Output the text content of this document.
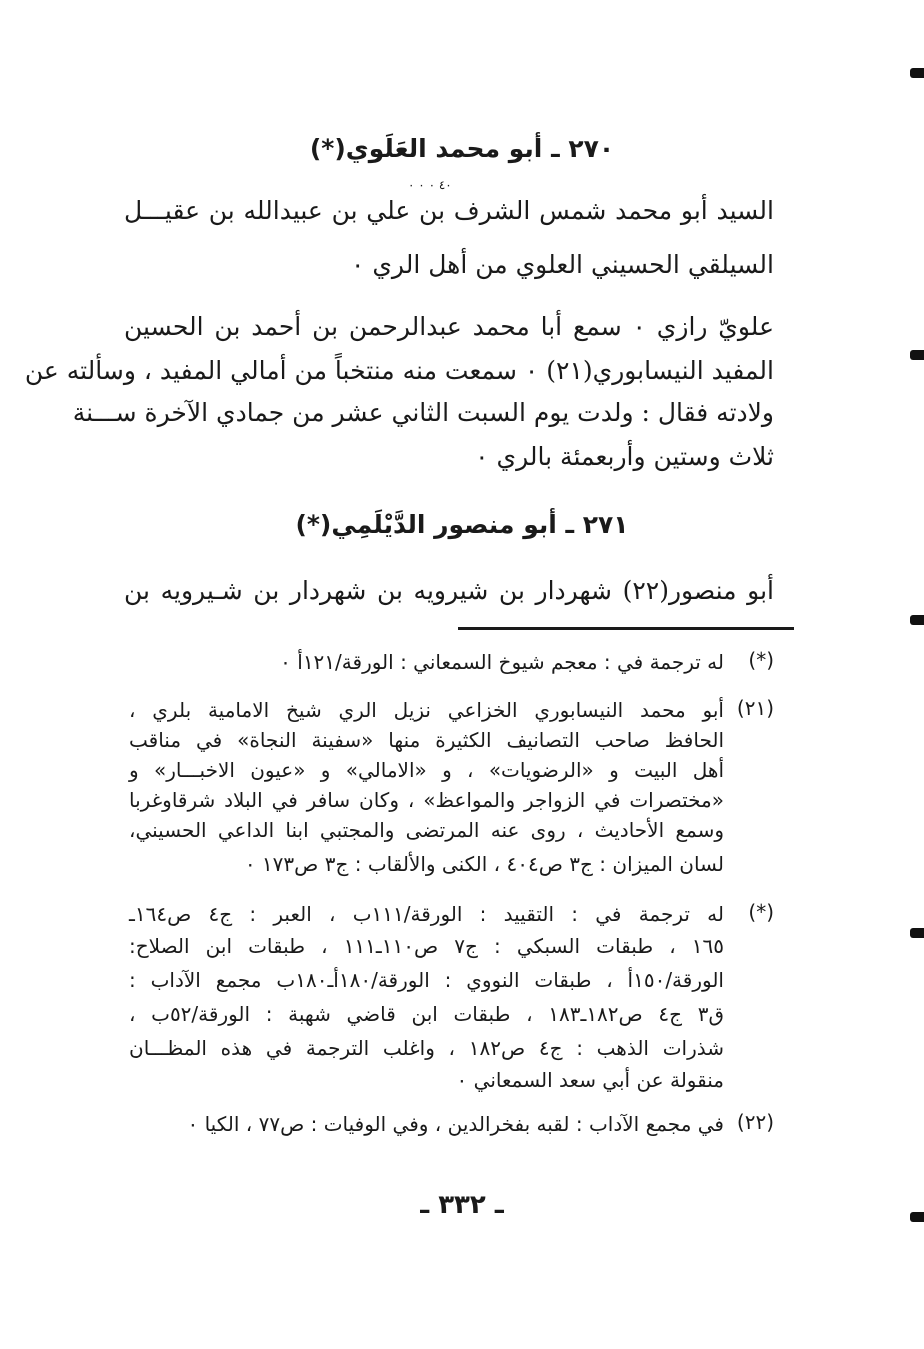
٢٧٠ ـ أبو محمد العَلَوي(*)
٤٠ ٠ ٠ ٠
السيد أبو محمد شمس الشرف بن علي بن عبيدالله بن عقيـــل
السيلقي الحسيني العلوي من أهل الري ٠
علويّ رازي ٠ سمع أبا محمد عبدالرحمن بن أحمد بن الحسين
المفيد النيسابوري(٢١) ٠ سمعت منه منتخباً من أمالي المفيد ، وسألته عن
ولادته فقال : ولدت يوم السبت الثاني عشر من جمادي الآخرة ســـنة
ثلاث وستين وأربعمئة بالري ٠
٢٧١ ـ أبو منصور الدَّيْلَمِي(*)
أبو منصور(٢٢) شهردار بن شيرويه بن شهردار بن شـيرويه بن
(*)
له ترجمة في : معجم شيوخ السمعاني : الورقة/١٢١أ ٠
(٢١)
أبو محمد النيسابوري الخزاعي نزيل الري شيخ الامامية بلري ،
الحافظ صاحب التصانيف الكثيرة منها «سفينة النجاة» في مناقب
أهل البيت و «الرضويات» ، و «الامالي» و «عيون الاخبـــار» و
«مختصرات في الزواجر والمواعظ» ، وكان سافر في البلاد شرقاوغربا
وسمع الأحاديث ، روى عنه المرتضى والمجتبي ابنا الداعي الحسيني،
لسان الميزان : ج٣ ص٤٠٤ ، الكنى والألقاب : ج٣ ص١٧٣ ٠
(*)
له ترجمة في : التقييد : الورقة/١١١ب ، العبر : ج٤ ص١٦٤ـ
١٦٥ ، طبقات السبكي : ج٧ ص١١٠ـ١١١ ، طبقات ابن الصلاح:
الورقة/١٥٠أ ، طبقات النووي : الورقة/١٨٠أـ١٨٠ب مجمع الآداب :
ق٣ ج٤ ص١٨٢ـ١٨٣ ، طبقات ابن قاضي شهبة : الورقة/٥٢ب ،
شذرات الذهب : ج٤ ص١٨٢ ، واغلب الترجمة في هذه المظـــان
منقولة عن أبي سعد السمعاني ٠
(٢٢)
في مجمع الآداب : لقبه بفخرالدين ، وفي الوفيات : ص٧٧ ، الكيا ٠
ـ ٣٣٢ ـ
